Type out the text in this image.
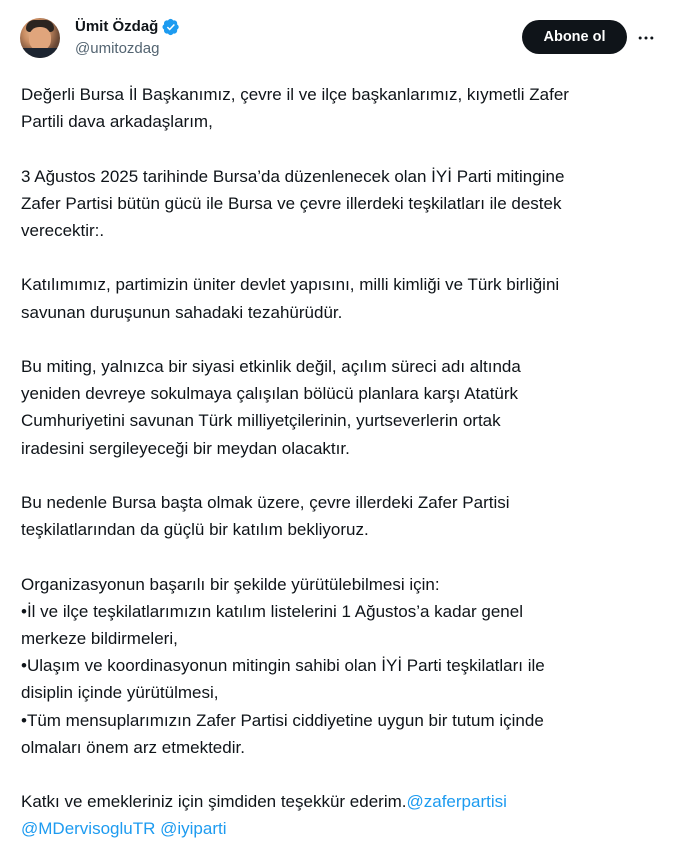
Ümit Özdağ
@umitozdag
Abone ol

Değerli Bursa İl Başkanımız, çevre il ve ilçe başkanlarımız, kıymetli Zafer
Partili dava arkadaşlarım,

3 Ağustos 2025 tarihinde Bursa’da düzenlenecek olan İYİ Parti mitingine
Zafer Partisi bütün gücü ile Bursa ve çevre illerdeki teşkilatları ile destek
verecektir:.

Katılımımız, partimizin üniter devlet yapısını, milli kimliği ve Türk birliğini
savunan duruşunun sahadaki tezahürüdür.

Bu miting, yalnızca bir siyasi etkinlik değil, açılım süreci adı altında
yeniden devreye sokulmaya çalışılan bölücü planlara karşı Atatürk
Cumhuriyetini savunan Türk milliyetçilerinin, yurtseverlerin ortak
iradesini sergileyeceği bir meydan olacaktır.

Bu nedenle Bursa başta olmak üzere, çevre illerdeki Zafer Partisi
teşkilatlarından da güçlü bir katılım bekliyoruz.

Organizasyonun başarılı bir şekilde yürütülebilmesi için:
•İl ve ilçe teşkilatlarımızın katılım listelerini 1 Ağustos’a kadar genel
merkeze bildirmeleri,
•Ulaşım ve koordinasyonun mitingin sahibi olan İYİ Parti teşkilatları ile
disiplin içinde yürütülmesi,
•Tüm mensuplarımızın Zafer Partisi ciddiyetine uygun bir tutum içinde
olmaları önem arz etmektedir.

Katkı ve emekleriniz için şimdiden teşekkür ederim.@zaferpartisi
@MDervisogluTR @iyiparti
